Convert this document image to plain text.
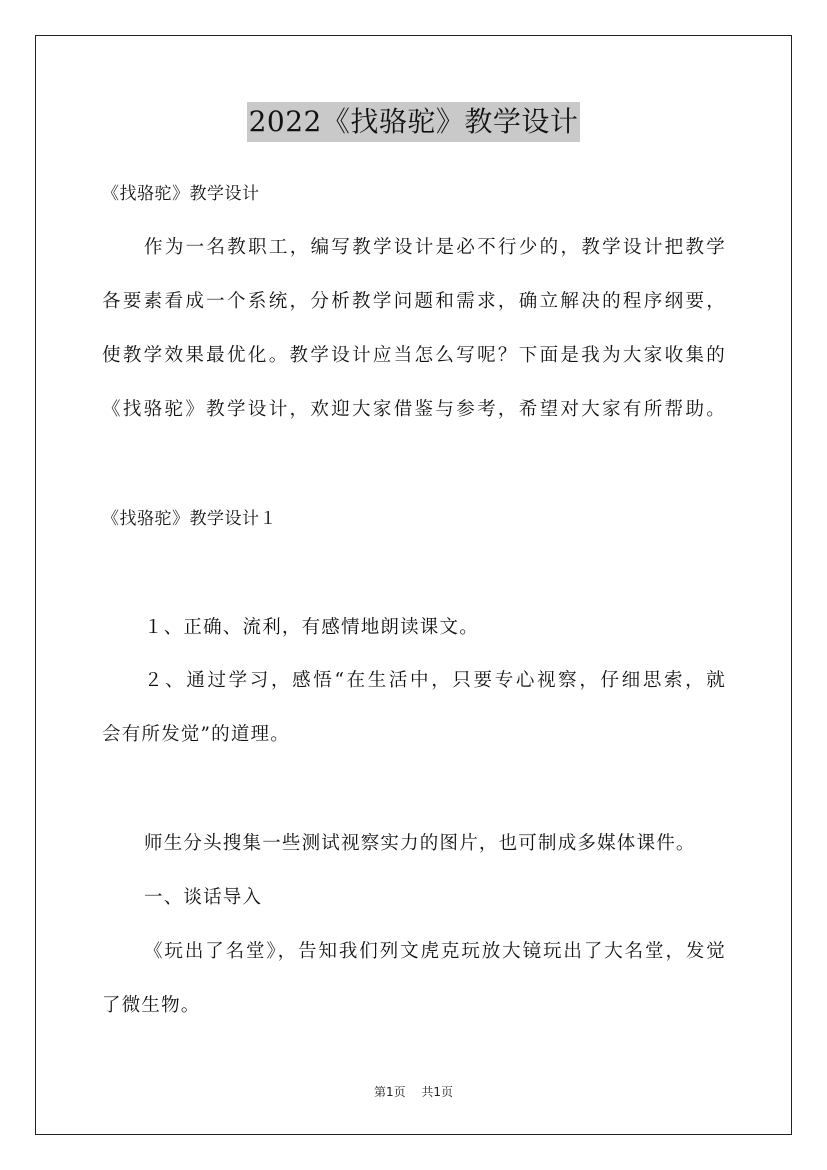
2022《找骆驼》教学设计
《找骆驼》教学设计
作为一名教职工，编写教学设计是必不行少的，教学设计把教学
各要素看成一个系统，分析教学问题和需求，确立解决的程序纲要，
使教学效果最优化。教学设计应当怎么写呢？下面是我为大家收集的
《找骆驼》教学设计，欢迎大家借鉴与参考，希望对大家有所帮助。
《找骆驼》教学设计１
１、正确、流利，有感情地朗读课文。
２、通过学习，感悟“在生活中，只要专心视察，仔细思索，就
会有所发觉”的道理。
师生分头搜集一些测试视察实力的图片，也可制成多媒体课件。
一、谈话导入
《玩出了名堂》，告知我们列文虎克玩放大镜玩出了大名堂，发觉
了微生物。
第1页 共1页
